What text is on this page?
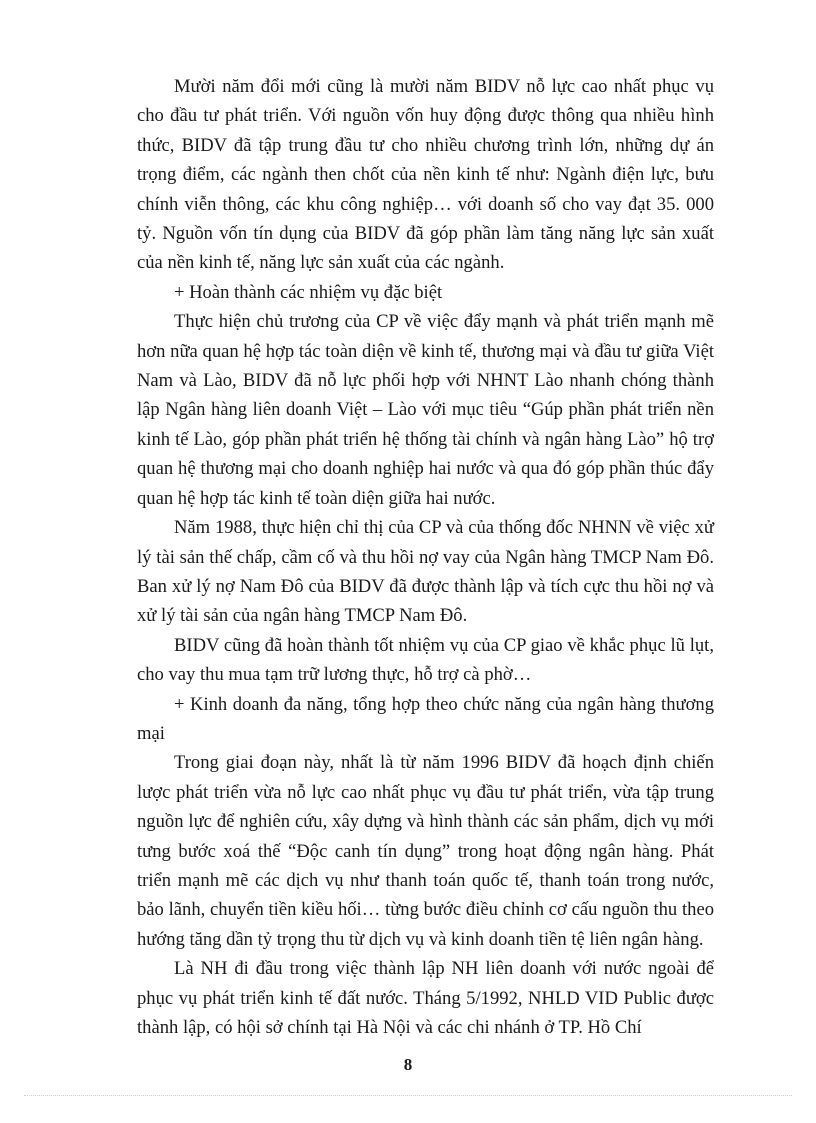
Mười năm đổi mới cũng là mười năm BIDV nỗ lực cao nhất phục vụ cho đầu tư phát triển. Với nguồn vốn huy động được thông qua nhiều hình thức, BIDV đã tập trung đầu tư cho nhiều chương trình lớn, những dự án trọng điểm, các ngành then chốt của nền kinh tế như: Ngành điện lực, bưu chính viễn thông, các khu công nghiệp… với doanh số cho vay đạt 35. 000 tỷ. Nguồn vốn tín dụng của BIDV đã góp phần làm tăng năng lực sản xuất của nền kinh tế, năng lực sản xuất của các ngành.

+ Hoàn thành các nhiệm vụ đặc biệt

Thực hiện chủ trương của CP về việc đẩy mạnh và phát triển mạnh mẽ hơn nữa quan hệ hợp tác toàn diện về kinh tế, thương mại và đầu tư giữa Việt Nam và Lào, BIDV đã nỗ lực phối hợp với NHNT Lào nhanh chóng thành lập Ngân hàng liên doanh Việt – Lào với mục tiêu “Gúp phần phát triển nền kinh tế Lào, góp phần phát triển hệ thống tài chính và ngân hàng Lào” hộ trợ quan hệ thương mại cho doanh nghiệp hai nước và qua đó góp phần thúc đẩy quan hệ hợp tác kinh tế toàn diện giữa hai nước.

Năm 1988, thực hiện chỉ thị của CP và của thống đốc NHNN về việc xử lý tài sản thế chấp, cầm cố và thu hồi nợ vay của Ngân hàng TMCP Nam Đô. Ban xử lý nợ Nam Đô của BIDV đã được thành lập và tích cực thu hồi nợ và xử lý tài sản của ngân hàng TMCP Nam Đô.

BIDV cũng đã hoàn thành tốt nhiệm vụ của CP giao về khắc phục lũ lụt, cho vay thu mua tạm trữ lương thực, hỗ trợ cà phờ…

+ Kinh doanh đa năng, tổng hợp theo chức năng của ngân hàng thương mại

Trong giai đoạn này, nhất là từ năm 1996 BIDV đã hoạch định chiến lược phát triển vừa nỗ lực cao nhất phục vụ đầu tư phát triển, vừa tập trung nguồn lực để nghiên cứu, xây dựng và hình thành các sản phẩm, dịch vụ mới tưng bước xoá thế “Độc canh tín dụng” trong hoạt động ngân hàng. Phát triển mạnh mẽ các dịch vụ như thanh toán quốc tế, thanh toán trong nước, bảo lãnh, chuyển tiền kiều hối… từng bước điều chỉnh cơ cấu nguồn thu theo hướng tăng dần tỷ trọng thu từ dịch vụ và kinh doanh tiền tệ liên ngân hàng.

Là NH đi đầu trong việc thành lập NH liên doanh với nước ngoài để phục vụ phát triển kinh tế đất nước. Tháng 5/1992, NHLD VID Public được thành lập, có hội sở chính tại Hà Nội và các chi nhánh ở TP. Hồ Chí

8
